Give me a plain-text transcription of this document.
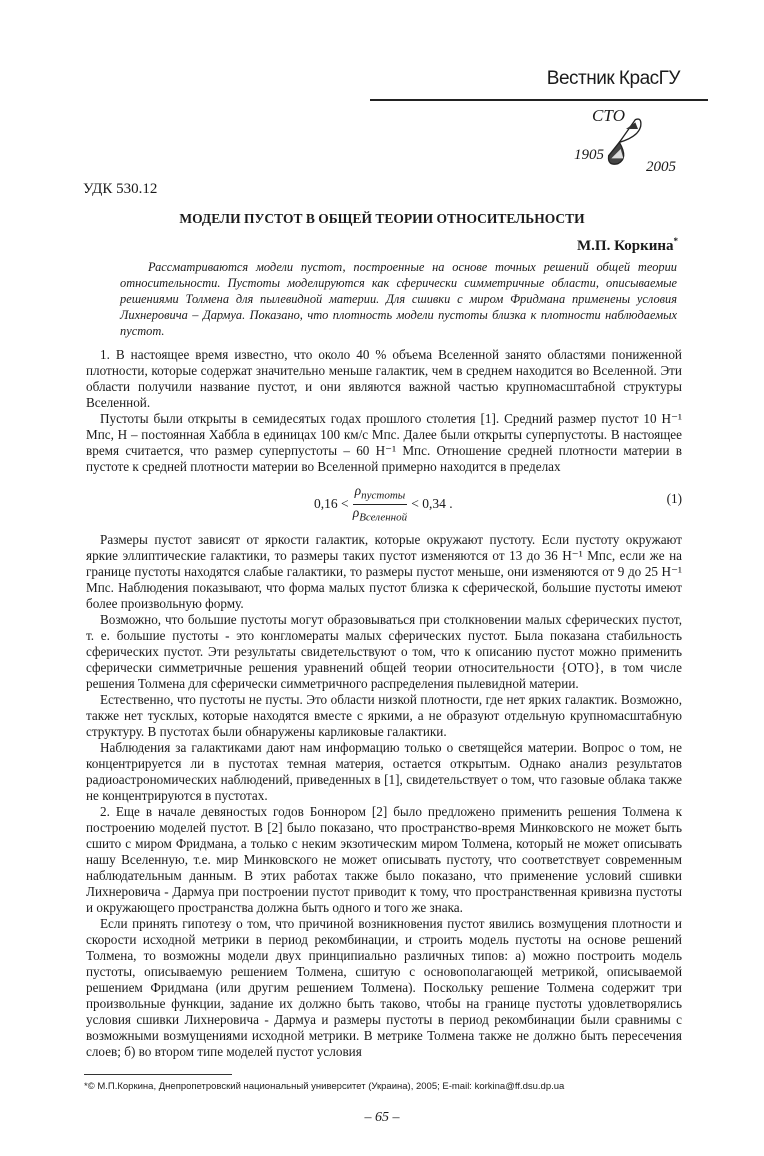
Вестник КрасГУ
СТО
1905
2005
УДК 530.12
МОДЕЛИ ПУСТОТ В ОБЩЕЙ ТЕОРИИ ОТНОСИТЕЛЬНОСТИ
М.П. Коркина*
Рассматриваются модели пустот, построенные на основе точных решений общей теории относительности. Пустоты моделируются как сферически симметричные области, описываемые решениями Толмена для пылевидной материи. Для сшивки с миром Фридмана применены условия Лихнеровича – Дармуа. Показано, что плотность модели пустоты близка к плотности наблюдаемых пустот.

1. В настоящее время известно, что около 40 % объема Вселенной занято областями пониженной плотности, которые содержат значительно меньше галактик, чем в среднем находится во Вселенной. Эти области получили название пустот, и они являются важной частью крупномасштабной структуры Вселенной.

Пустоты были открыты в семидесятых годах прошлого столетия [1]. Средний размер пустот 10 H⁻¹ Мпс, H – постоянная Хаббла в единицах 100 км/с Мпс. Далее были открыты суперпустоты. В настоящее время считается, что размер суперпустоты – 60 H⁻¹ Мпс. Отношение средней плотности материи в пустоте к средней плотности материи во Вселенной примерно находится в пределах

$0,16 < \frac{\rho_{пустоты}}{\rho_{Вселенной}} < 0,34$ .	(1)

Размеры пустот зависят от яркости галактик, которые окружают пустоту. Если пустоту окружают яркие эллиптические галактики, то размеры таких пустот изменяются от 13 до 36 H⁻¹ Мпс, если же на границе пустоты находятся слабые галактики, то размеры пустот меньше, они изменяются от 9 до 25 H⁻¹ Мпс. Наблюдения показывают, что форма малых пустот близка к сферической, большие пустоты имеют более произвольную форму.

Возможно, что большие пустоты могут образовываться при столкновении малых сферических пустот, т. е. большие пустоты - это конгломераты малых сферических пустот. Была показана стабильность сферических пустот. Эти результаты свидетельствуют о том, что к описанию пустот можно применить сферически симметричные решения уравнений общей теории относительности {ОТО}, в том числе решения Толмена для сферически симметричного распределения пылевидной материи.

Естественно, что пустоты не пусты. Это области низкой плотности, где нет ярких галактик. Возможно, также нет тусклых, которые находятся вместе с яркими, а не образуют отдельную крупномасштабную структуру. В пустотах были обнаружены карликовые галактики.

Наблюдения за галактиками дают нам информацию только о светящейся материи. Вопрос о том, не концентрируется ли в пустотах темная материя, остается открытым. Однако анализ результатов радиоастрономических наблюдений, приведенных в [1], свидетельствует о том, что газовые облака также не концентрируются в пустотах.

2. Еще в начале девяностых годов Боннором [2] было предложено применить решения Толмена к построению моделей пустот. В [2] было показано, что пространство-время Минковского не может быть сшито с миром Фридмана, а только с неким экзотическим миром Толмена, который не может описывать нашу Вселенную, т.е. мир Минковского не может описывать пустоту, что соответствует современным наблюдательным данным. В этих работах также было показано, что применение условий сшивки Лихнеровича - Дармуа при построении пустот приводит к тому, что пространственная кривизна пустоты и окружающего пространства должна быть одного и того же знака.

Если принять гипотезу о том, что причиной возникновения пустот явились возмущения плотности и скорости исходной метрики в период рекомбинации, и строить модель пустоты на основе решений Толмена, то возможны модели двух принципиально различных типов: а) можно построить модель пустоты, описываемую решением Толмена, сшитую с основополагающей метрикой, описываемой решением Фридмана (или другим решением Толмена). Поскольку решение Толмена содержит три произвольные функции, задание их должно быть таково, чтобы на границе пустоты удовлетворялись условия сшивки Лихнеровича - Дармуа и размеры пустоты в период рекомбинации были сравнимы с возможными возмущениями исходной метрики. В метрике Толмена также не должно быть пересечения слоев; б) во втором типе моделей пустот условия

*© М.П.Коркина, Днепропетровский национальный университет (Украина), 2005; E-mail: korkina@ff.dsu.dp.ua
– 65 –
